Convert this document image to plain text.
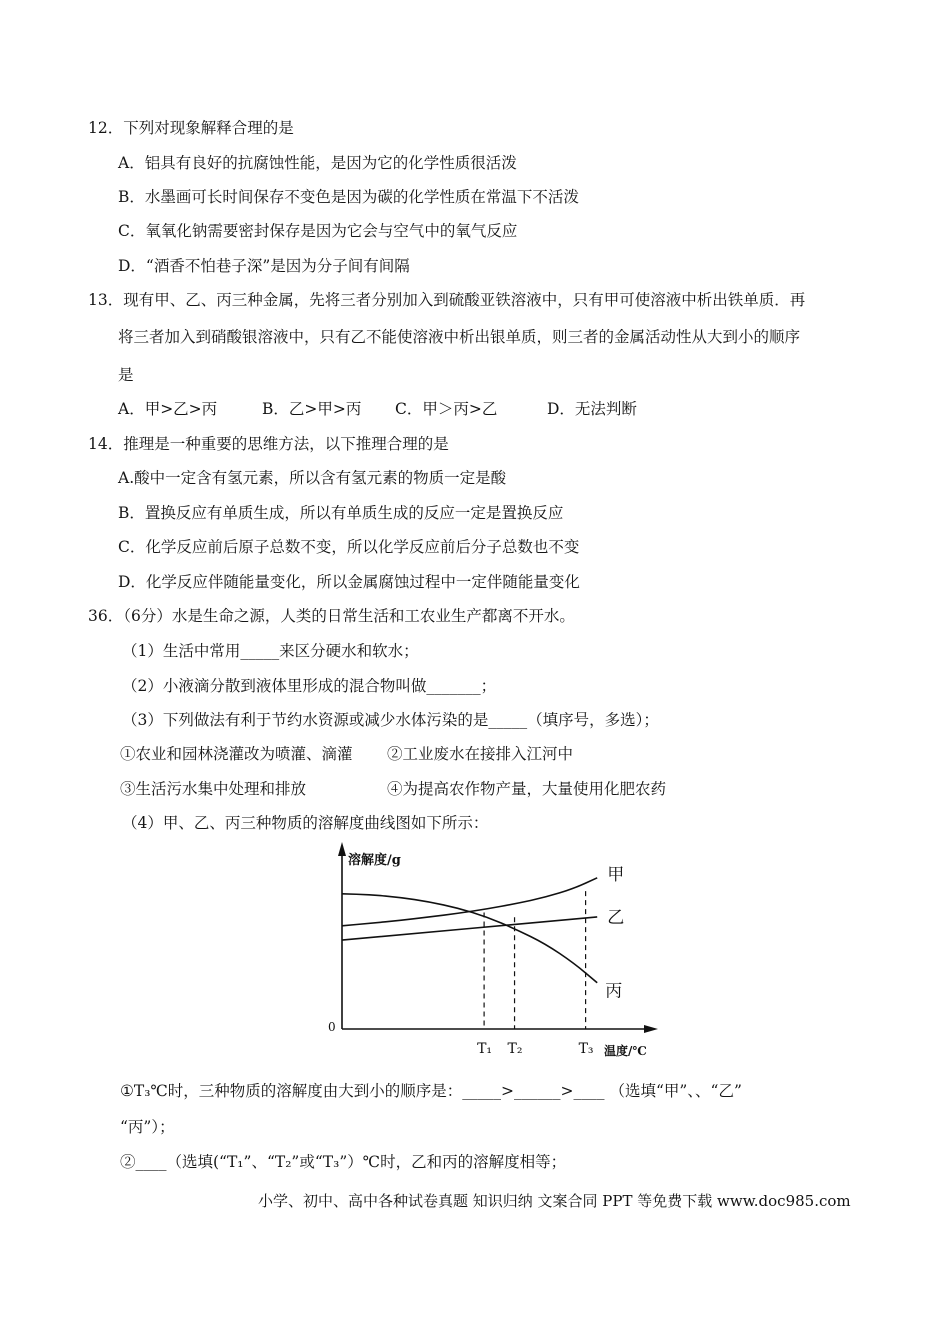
12．下列对现象解释合理的是
A．铝具有良好的抗腐蚀性能，是因为它的化学性质很活泼
B．水墨画可长时间保存不变色是因为碳的化学性质在常温下不活泼
C．氧氧化钠需要密封保存是因为它会与空气中的氧气反应
D．“酒香不怕巷子深”是因为分子间有间隔
13．现有甲、乙、丙三种金属，先将三者分别加入到硫酸亚铁溶液中，只有甲可使溶液中析出铁单质．再
将三者加入到硝酸银溶液中，只有乙不能使溶液中析出银单质，则三者的金属活动性从大到小的顺序
是
A．甲>乙>丙	B．乙>甲>丙 C．甲＞丙>乙	D．无法判断
14．推理是一种重要的思维方法，以下推理合理的是
A.酸中一定含有氢元素，所以含有氢元素的物质一定是酸
B．置换反应有单质生成，所以有单质生成的反应一定是置换反应
C．化学反应前后原子总数不变，所以化学反应前后分子总数也不变
D．化学反应伴随能量变化，所以金属腐蚀过程中一定伴随能量变化
36．（6分）水是生命之源，人类的日常生活和工农业生产都离不开水。
（1）生活中常用_____来区分硬水和软水；
（2）小液滴分散到液体里形成的混合物叫做_______；
（3）下列做法有利于节约水资源或减少水体污染的是_____（填序号，多选）；
①农业和园林浇灌改为喷灌、滴灌 ②工业废水在接排入江河中
③生活污水集中处理和排放	④为提高农作物产量，大量使用化肥农药
（4）甲、乙、丙三种物质的溶解度曲线图如下所示：
溶解度/g
温度/℃
0
甲
乙
丙
T₁ T₂	T₃
①T₃℃时，三种物质的溶解度由大到小的顺序是：_____>______>____ （选填“甲”、、“乙”
“丙”）；
②____（选填(“T₁”、“T₂”或“T₃”）℃时，乙和丙的溶解度相等；
小学、初中、高中各种试卷真题 知识归纳 文案合同 PPT 等免费下载 www.doc985.com
